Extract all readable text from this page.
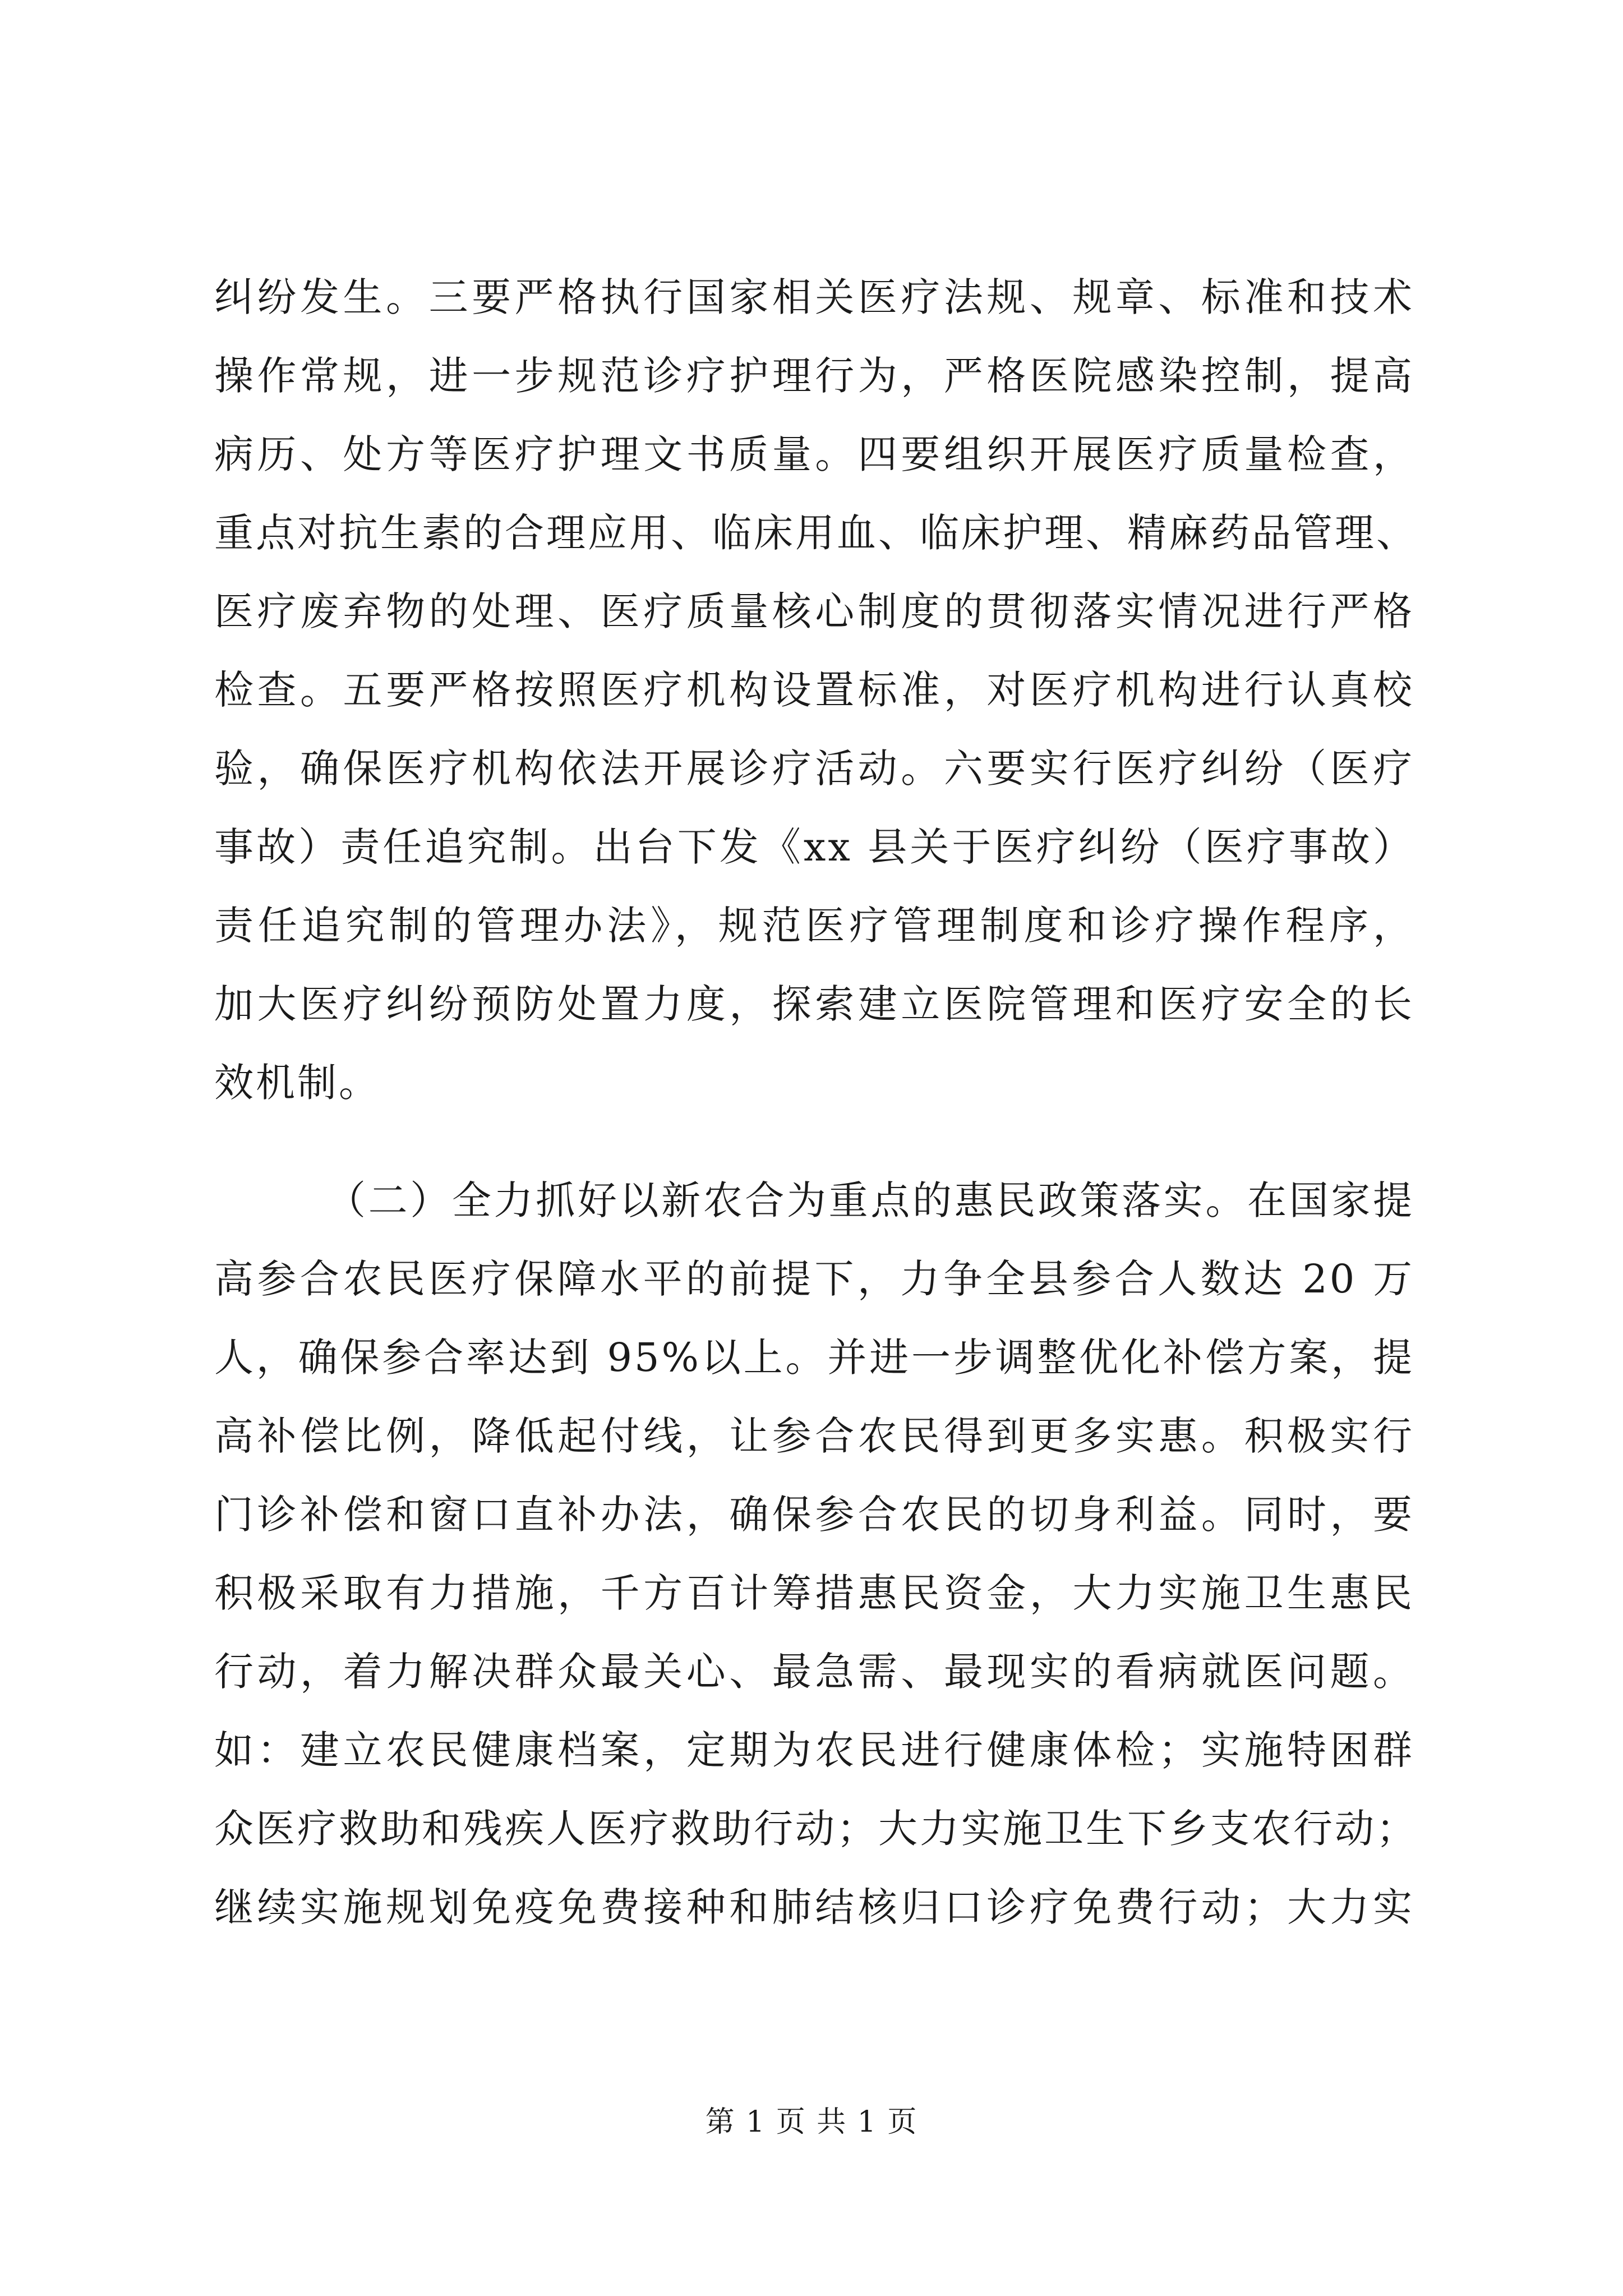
纠纷发生。三要严格执行国家相关医疗法规、规章、标准和技术
操作常规，进一步规范诊疗护理行为，严格医院感染控制，提高
病历、处方等医疗护理文书质量。四要组织开展医疗质量检查，
重点对抗生素的合理应用、临床用血、临床护理、精麻药品管理、
医疗废弃物的处理、医疗质量核心制度的贯彻落实情况进行严格
检查。五要严格按照医疗机构设置标准，对医疗机构进行认真校
验，确保医疗机构依法开展诊疗活动。六要实行医疗纠纷（医疗
事故）责任追究制。出台下发《xx 县关于医疗纠纷（医疗事故）
责任追究制的管理办法》，规范医疗管理制度和诊疗操作程序，
加大医疗纠纷预防处置力度，探索建立医院管理和医疗安全的长
效机制。
（二）全力抓好以新农合为重点的惠民政策落实。在国家提
高参合农民医疗保障水平的前提下，力争全县参合人数达 20 万
人，确保参合率达到 95%以上。并进一步调整优化补偿方案，提
高补偿比例，降低起付线，让参合农民得到更多实惠。积极实行
门诊补偿和窗口直补办法，确保参合农民的切身利益。同时，要
积极采取有力措施，千方百计筹措惠民资金，大力实施卫生惠民
行动，着力解决群众最关心、最急需、最现实的看病就医问题。
如：建立农民健康档案，定期为农民进行健康体检；实施特困群
众医疗救助和残疾人医疗救助行动；大力实施卫生下乡支农行动；
继续实施规划免疫免费接种和肺结核归口诊疗免费行动；大力实
第 1 页 共 1 页
